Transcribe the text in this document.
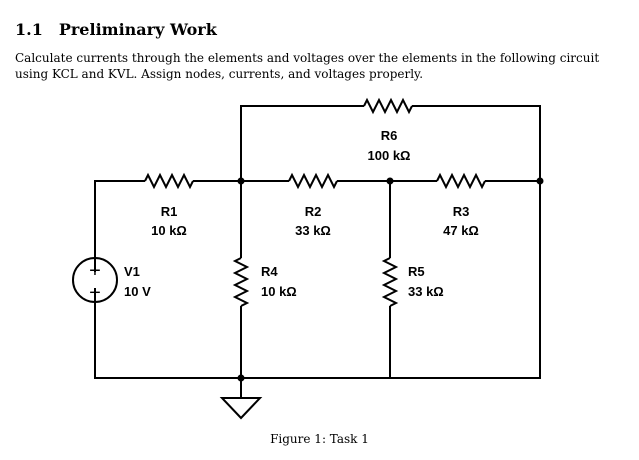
1.1 Preliminary Work
Calculate currents through the elements and voltages over the elements in the following circuit using KCL and KVL. Assign nodes, currents, and voltages properly.
+
−
V1
10 V
R1
10 kΩ
R2
33 kΩ
R3
47 kΩ
R6
100 kΩ
R4
10 kΩ
R5
33 kΩ
Figure 1: Task 1
